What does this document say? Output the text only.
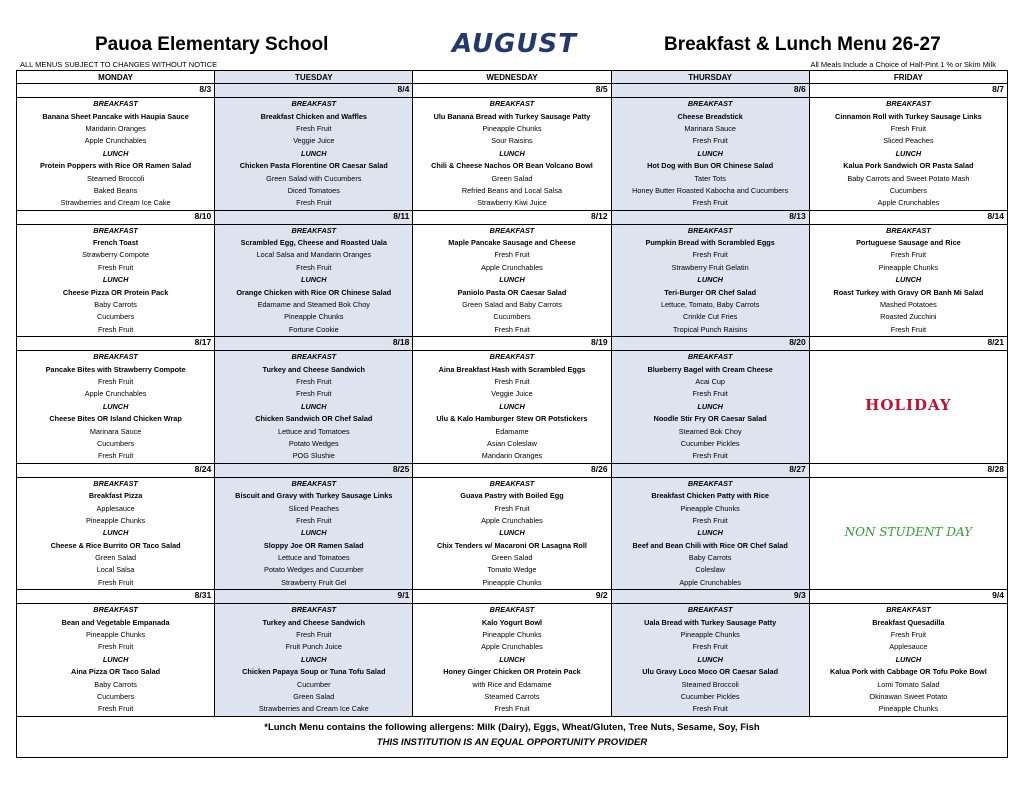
Pauoa Elementary School	AUGUST	Breakfast & Lunch Menu 26-27
ALL MENUS SUBJECT TO CHANGES WITHOUT NOTICE	All Meals Include a Choice of Half-Pint 1 % or Skim Milk
MONDAY	TUESDAY	WEDNESDAY	THURSDAY	FRIDAY
8/3	8/4	8/5	8/6	8/7
BREAKFAST	BREAKFAST	BREAKFAST	BREAKFAST	BREAKFAST
Banana Sheet Pancake with Haupia Sauce	Breakfast Chicken and Waffles	Ulu Banana Bread with Turkey Sausage Patty	Cheese Breadstick	Cinnamon Roll with Turkey Sausage Links
Mandarin Oranges	Fresh Fruit	Pineapple Chunks	Marinara Sauce	Fresh Fruit
Apple Crunchables	Veggie Juice	Sour Raisins	Fresh Fruit	Sliced Peaches
LUNCH	LUNCH	LUNCH	LUNCH	LUNCH
Protein Poppers with Rice OR Ramen Salad	Chicken Pasta Florentine OR Caesar Salad	Chili & Cheese Nachos OR Bean Volcano Bowl	Hot Dog with Bun OR Chinese Salad	Kalua Pork Sandwich OR Pasta Salad
Steamed Broccoli	Green Salad with Cucumbers	Green Salad	Tater Tots	Baby Carrots and Sweet Potato Mash
Baked Beans	Diced Tomatoes	Refried Beans and Local Salsa	Honey Butter Roasted Kabocha and Cucumbers	Cucumbers
Strawberries and Cream Ice Cake	Fresh Fruit	Strawberry Kiwi Juice	Fresh Fruit	Apple Crunchables
8/10	8/11	8/12	8/13	8/14
BREAKFAST	BREAKFAST	BREAKFAST	BREAKFAST	BREAKFAST
French Toast	Scrambled Egg, Cheese and Roasted Uala	Maple Pancake Sausage and Cheese	Pumpkin Bread with Scrambled Eggs	Portuguese Sausage and Rice
Strawberry Compote	Local Salsa and Mandarin Oranges	Fresh Fruit	Fresh Fruit	Fresh Fruit
Fresh Fruit	Fresh Fruit	Apple Crunchables	Strawberry Fruit Gelatin	Pineapple Chunks
LUNCH	LUNCH	LUNCH	LUNCH	LUNCH
Cheese Pizza OR Protein Pack	Orange Chicken with Rice OR Chinese Salad	Paniolo Pasta OR Caesar Salad	Teri-Burger OR Chef Salad	Roast Turkey with Gravy OR Banh Mi Salad
Baby Carrots	Edamame and Steamed Bok Choy	Green Salad and Baby Carrots	Lettuce, Tomato, Baby Carrots	Mashed Potatoes
Cucumbers	Pineapple Chunks	Cucumbers	Crinkle Cut Fries	Roasted Zucchini
Fresh Fruit	Fortune Cookie	Fresh Fruit	Tropical Punch Raisins	Fresh Fruit
8/17	8/18	8/19	8/20	8/21
BREAKFAST	BREAKFAST	BREAKFAST	BREAKFAST	HOLIDAY
Pancake Bites with Strawberry Compote	Turkey and Cheese Sandwich	Aina Breakfast Hash with Scrambled Eggs	Blueberry Bagel with Cream Cheese	
Fresh Fruit	Fresh Fruit	Fresh Fruit	Acai Cup	
Apple Crunchables	Fresh Fruit	Veggie Juice	Fresh Fruit	
LUNCH	LUNCH	LUNCH	LUNCH	
Cheese Bites OR Island Chicken Wrap	Chicken Sandwich OR Chef Salad	Ulu & Kalo Hamburger Stew OR Potstickers	Noodle Stir Fry OR Caesar Salad	
Marinara Sauce	Lettuce and Tomatoes	Edamame	Steamed Bok Choy	
Cucumbers	Potato Wedges	Asian Coleslaw	Cucumber Pickles	
Fresh Fruit	POG Slushie	Mandarin Oranges	Fresh Fruit	
8/24	8/25	8/26	8/27	8/28
BREAKFAST	BREAKFAST	BREAKFAST	BREAKFAST	NON STUDENT DAY
Breakfast Pizza	Biscuit and Gravy with Turkey Sausage Links	Guava Pastry with Boiled Egg	Breakfast Chicken Patty with Rice	
Applesauce	Sliced Peaches	Fresh Fruit	Pineapple Chunks	
Pineapple Chunks	Fresh Fruit	Apple Crunchables	Fresh Fruit	
LUNCH	LUNCH	LUNCH	LUNCH	
Cheese & Rice Burrito OR Taco Salad	Sloppy Joe OR Ramen Salad	Chix Tenders w/ Macaroni OR Lasagna Roll	Beef and Bean Chili with Rice OR Chef Salad	
Green Salad	Lettuce and Tomatoes	Green Salad	Baby Carrots	
Local Salsa	Potato Wedges and Cucumber	Tomato Wedge	Coleslaw	
Fresh Fruit	Strawberry Fruit Gel	Pineapple Chunks	Apple Crunchables	
8/31	9/1	9/2	9/3	9/4
BREAKFAST	BREAKFAST	BREAKFAST	BREAKFAST	BREAKFAST
Bean and Vegetable Empanada	Turkey and Cheese Sandwich	Kalo Yogurt Bowl	Uala Bread with Turkey Sausage Patty	Breakfast Quesadilla
Pineapple Chunks	Fresh Fruit	Pineapple Chunks	Pineapple Chunks	Fresh Fruit
Fresh Fruit	Fruit Punch Juice	Apple Crunchables	Fresh Fruit	Applesauce
LUNCH	LUNCH	LUNCH	LUNCH	LUNCH
Aina Pizza OR Taco Salad	Chicken Papaya Soup or Tuna Tofu Salad	Honey Ginger Chicken OR Protein Pack	Ulu Gravy Loco Moco OR Caesar Salad	Kalua Pork with Cabbage OR Tofu Poke Bowl
Baby Carrots	Cucumber	with Rice and Edamame	Steamed Broccoli	Lomi Tomato Salad
Cucumbers	Green Salad	Steamed Carrots	Cucumber Pickles	Okinawan Sweet Potato
Fresh Fruit	Strawberries and Cream Ice Cake	Fresh Fruit	Fresh Fruit	Pineapple Chunks
*Lunch Menu contains the following allergens: Milk (Dairy), Eggs, Wheat/Gluten, Tree Nuts, Sesame, Soy, Fish
THIS INSTITUTION IS AN EQUAL OPPORTUNITY PROVIDER
